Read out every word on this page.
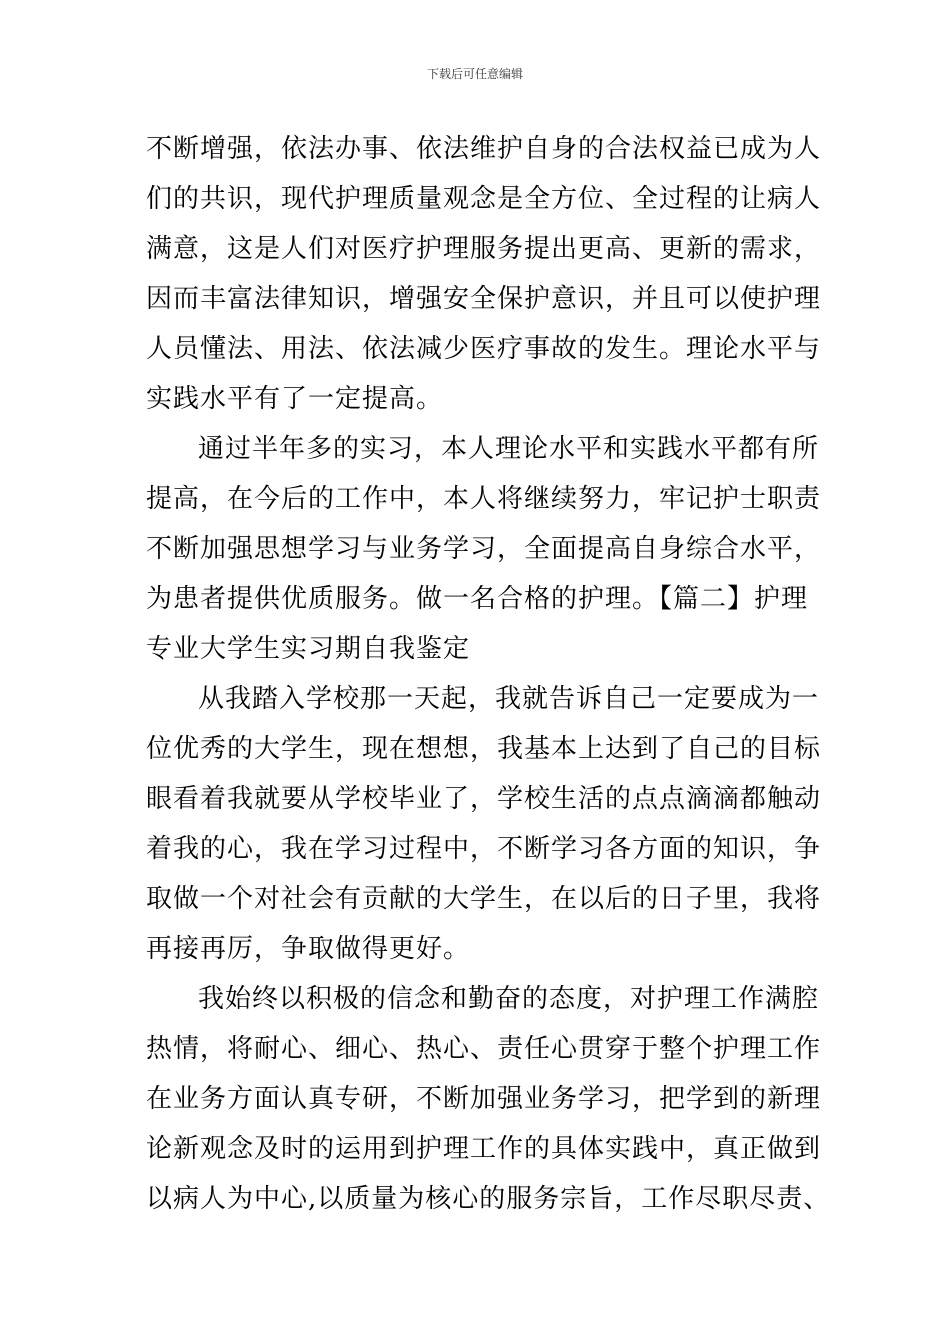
下载后可任意编辑
不断增强，依法办事、依法维护自身的合法权益已成为人
们的共识，现代护理质量观念是全方位、全过程的让病人
满意，这是人们对医疗护理服务提出更高、更新的需求，
因而丰富法律知识，增强安全保护意识，并且可以使护理
人员懂法、用法、依法减少医疗事故的发生。理论水平与
实践水平有了一定提高。
通过半年多的实习，本人理论水平和实践水平都有所
提高，在今后的工作中，本人将继续努力，牢记护士职责
不断加强思想学习与业务学习，全面提高自身综合水平，
为患者提供优质服务。做一名合格的护理。【篇二】护理
专业大学生实习期自我鉴定
从我踏入学校那一天起，我就告诉自己一定要成为一
位优秀的大学生，现在想想，我基本上达到了自己的目标
眼看着我就要从学校毕业了，学校生活的点点滴滴都触动
着我的心，我在学习过程中，不断学习各方面的知识，争
取做一个对社会有贡献的大学生，在以后的日子里，我将
再接再厉，争取做得更好。
我始终以积极的信念和勤奋的态度，对护理工作满腔
热情，将耐心、细心、热心、责任心贯穿于整个护理工作
在业务方面认真专研，不断加强业务学习，把学到的新理
论新观念及时的运用到护理工作的具体实践中，真正做到
以病人为中心,以质量为核心的服务宗旨，工作尽职尽责、
